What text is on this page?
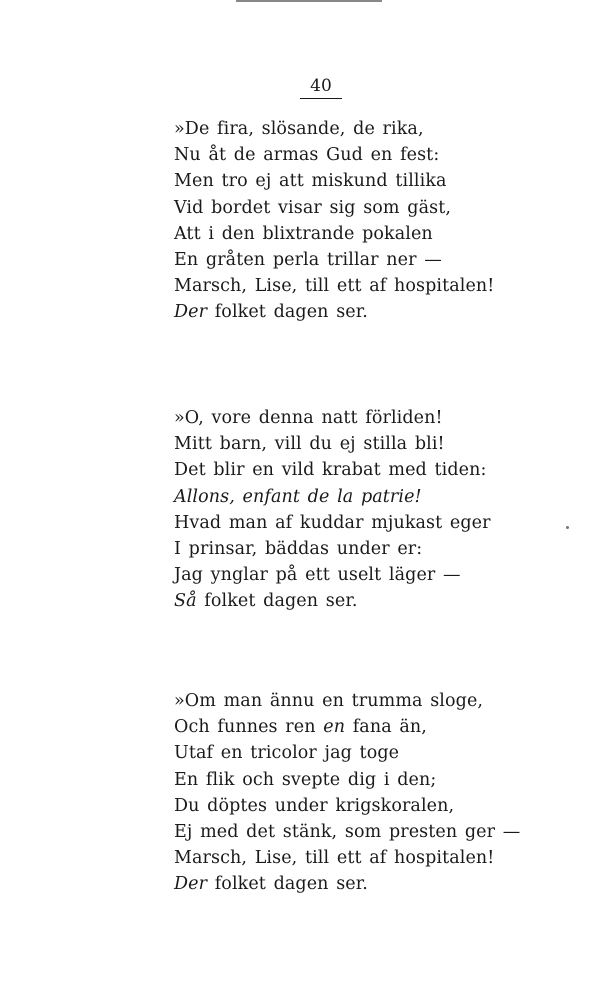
40
»De fira, slösande, de rika,
Nu åt de armas Gud en fest:
Men tro ej att miskund tillika
Vid bordet visar sig som gäst,
Att i den blixtrande pokalen
En gråten perla trillar ner —
Marsch, Lise, till ett af hospitalen!
Der folket dagen ser.
»O, vore denna natt förliden!
Mitt barn, vill du ej stilla bli!
Det blir en vild krabat med tiden:
Allons, enfant de la patrie!
Hvad man af kuddar mjukast eger
I prinsar, bäddas under er:
Jag ynglar på ett uselt läger —
Så folket dagen ser.
»Om man ännu en trumma sloge,
Och funnes ren en fana än,
Utaf en tricolor jag toge
En flik och svepte dig i den;
Du döptes under krigskoralen,
Ej med det stänk, som presten ger —
Marsch, Lise, till ett af hospitalen!
Der folket dagen ser.
